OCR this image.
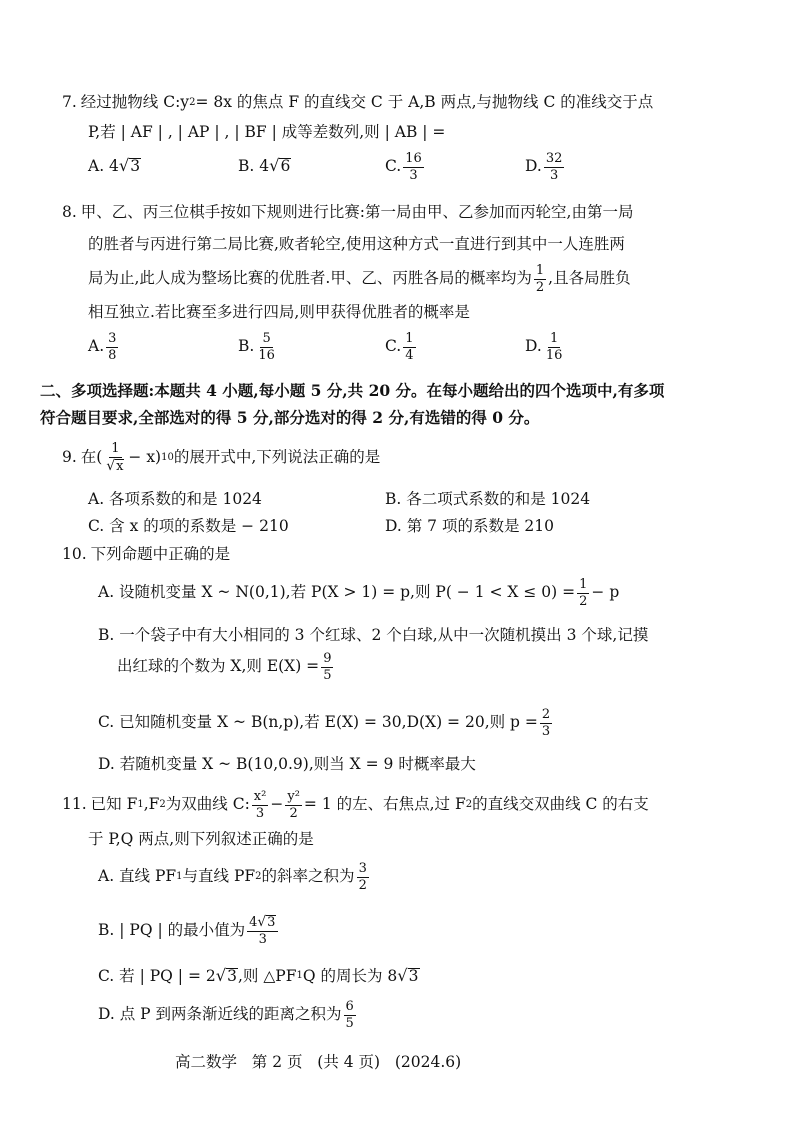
7. 经过抛物线 C:y 2 = 8x 的焦点 F 的直线交 C 于 A,B 两点,与抛物线 C 的准线交于点
P,若 | AF | , | AP | , | BF | 成等差数列,则 | AB | =
A. 4 √ 3	B. 4 √ 6	C. $\frac{16}{3}$	D. $\frac{32}{3}$
8. 甲、乙、丙三位棋手按如下规则进行比赛:第一局由甲、乙参加而丙轮空,由第一局
的胜者与丙进行第二局比赛,败者轮空,使用这种方式一直进行到其中一人连胜两
局为止,此人成为整场比赛的优胜者.甲、乙、丙胜各局的概率均为 $\frac{1}{2}$ ,且各局胜负
相互独立.若比赛至多进行四局,则甲获得优胜者的概率是
A. $\frac{3}{8}$	B. $\frac{5}{16}$	C. $\frac{1}{4}$	D. $\frac{1}{16}$
二、多项选择题:本题共 4 小题,每小题 5 分,共 20 分。在每小题给出的四个选项中,有多项
符合题目要求,全部选对的得 5 分,部分选对的得 2 分,有选错的得 0 分。
9. 在( $\frac{1}{√ x} - x$) 10 的展开式中,下列说法正确的是
A. 各项系数的和是 1024	B. 各二项式系数的和是 1024
C. 含 x 的项的系数是 − 210	D. 第 7 项的系数是 210
10. 下列命题中正确的是
A. 设随机变量 X ~ N(0,1),若 P(X > 1) = p,则 $P( - 1 < X \le 0) = \frac{1}{2} - p$
B. 一个袋子中有大小相同的 3 个红球、2 个白球,从中一次随机摸出 3 个球,记摸
出红球的个数为 X,则 $E(X) = \frac{9}{5}$
C. 已知随机变量 X ~ B(n,p),若 E(X) = 30,D(X) = 20,则 $p = \frac{2}{3}$
D. 若随机变量 X ~ B(10,0.9),则当 X = 9 时概率最大
11. 已知 F 1 ,F 2 为双曲线 C: $\frac{\text{x²}}{3} - \frac{\text{y²}}{2} = 1$ 的左、右焦点,过 F 2 的直线交双曲线 C 的右支
于 P,Q 两点,则下列叙述正确的是
A. 直线 PF 1 与直线 PF 2 的斜率之积为 $\frac{3}{2}$
B. | PQ | 的最小值为 $\frac{4 √ 3}{3}$
C. 若 | PQ | = 2 √ 3 ,则 △PF 1 Q 的周长为 8 √ 3
D. 点 P 到两条渐近线的距离之积为 $\frac{6}{5}$
高二数学   第 2 页   (共 4 页)   (2024.6)
